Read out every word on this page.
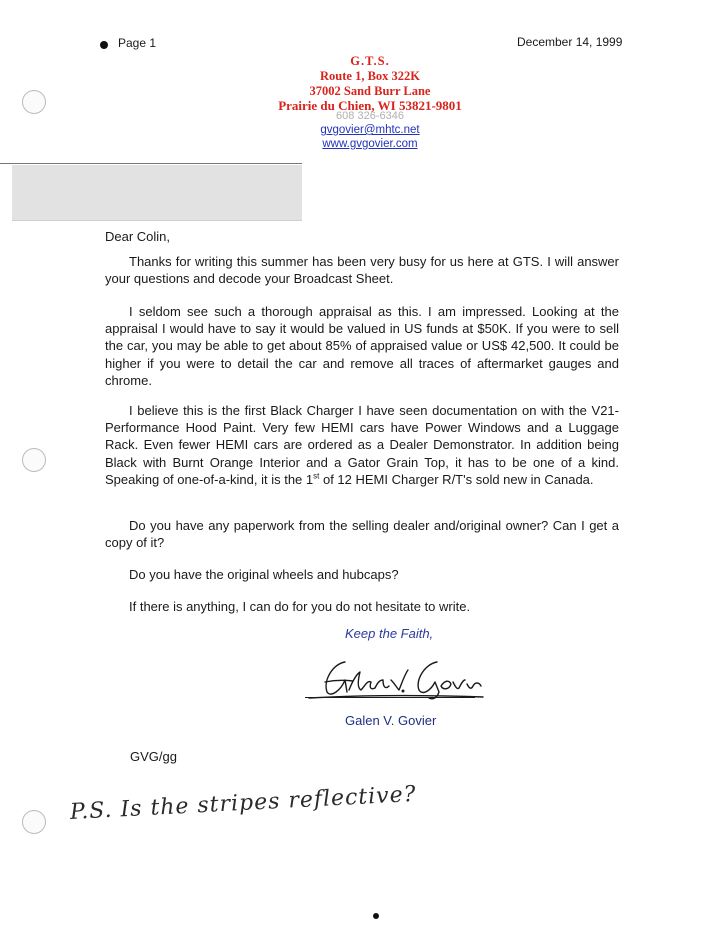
Page 1	December 14, 1999
G.T.S.
Route 1, Box 322K
37002 Sand Burr Lane
Prairie du Chien, WI 53821-9801
608 326-6346
gvgovier@mhtc.net
www.gvgovier.com
Dear Colin,
Thanks for writing this summer has been very busy for us here at GTS. I will answer your questions and decode your Broadcast Sheet.
I seldom see such a thorough appraisal as this. I am impressed. Looking at the appraisal I would have to say it would be valued in US funds at $50K. If you were to sell the car, you may be able to get about 85% of appraised value or US$ 42,500. It could be higher if you were to detail the car and remove all traces of aftermarket gauges and chrome.
I believe this is the first Black Charger I have seen documentation on with the V21-Performance Hood Paint. Very few HEMI cars have Power Windows and a Luggage Rack. Even fewer HEMI cars are ordered as a Dealer Demonstrator. In addition being Black with Burnt Orange Interior and a Gator Grain Top, it has to be one of a kind. Speaking of one-of-a-kind, it is the 1st of 12 HEMI Charger R/T's sold new in Canada.
Do you have any paperwork from the selling dealer and/original owner? Can I get a copy of it?
Do you have the original wheels and hubcaps?
If there is anything, I can do for you do not hesitate to write.
Keep the Faith,
Galen V. Govier
GVG/gg
P.S. Is the stripes reflective?
